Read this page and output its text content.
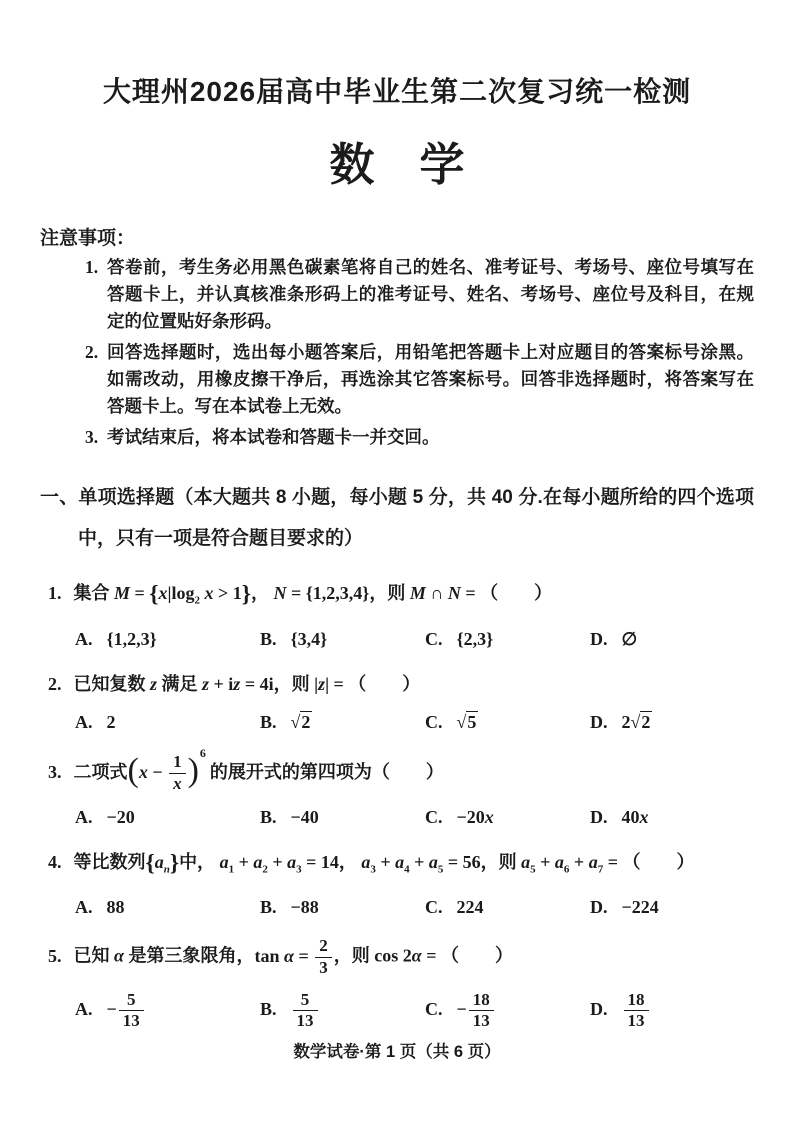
大理州2026届高中毕业生第二次复习统一检测
数　学
注意事项：
1. 答卷前，考生务必用黑色碳素笔将自己的姓名、准考证号、考场号、座位号填写在答题卡上，并认真核准条形码上的准考证号、姓名、考场号、座位号及科目，在规定的位置贴好条形码。
2. 回答选择题时，选出每小题答案后，用铅笔把答题卡上对应题目的答案标号涂黑。如需改动，用橡皮擦干净后，再选涂其它答案标号。回答非选择题时，将答案写在答题卡上。写在本试卷上无效。
3. 考试结束后，将本试卷和答题卡一并交回。
一、单项选择题（本大题共 8 小题，每小题 5 分，共 40 分.在每小题所给的四个选项中，只有一项是符合题目要求的）
1. 集合 $M = \{x|\log_2$ x > 1}， N = {1,2,3,4}，则 M ∩ N = （  ）
A. {1,2,3}	B. {3,4}	C. {2,3}	D. ∅
2. 已知复数 z 满足 z + iz = 4i，则 |z| = （  ）
A. 2	B. √2	C. √5	D. 2√2
3. 二项式$(x - \frac{1}{x} )^6$ 的展开式的第四项为（  ）
A. −20	B. −40	C. −20x	D. 40x
4. 等比数列$\{a_n\}$中， $a_1 + a_2 + a_3 = 14$， $a_3 + a_4 + a_5 = 56$，则 $a_5 + a_6 + a_7$ = （  ）
A. 88	B. −88	C. 224	D. −224
5. 已知 α 是第三象限角，$\tan \alpha = \frac{2}{3}$ ，则 cos 2α = （  ）
A. − $\frac{5}{13}$	B. $\frac{5}{13}$	C. − $\frac{18}{13}$	D. $\frac{18}{13}$
数学试卷·第 1 页（共 6 页）
